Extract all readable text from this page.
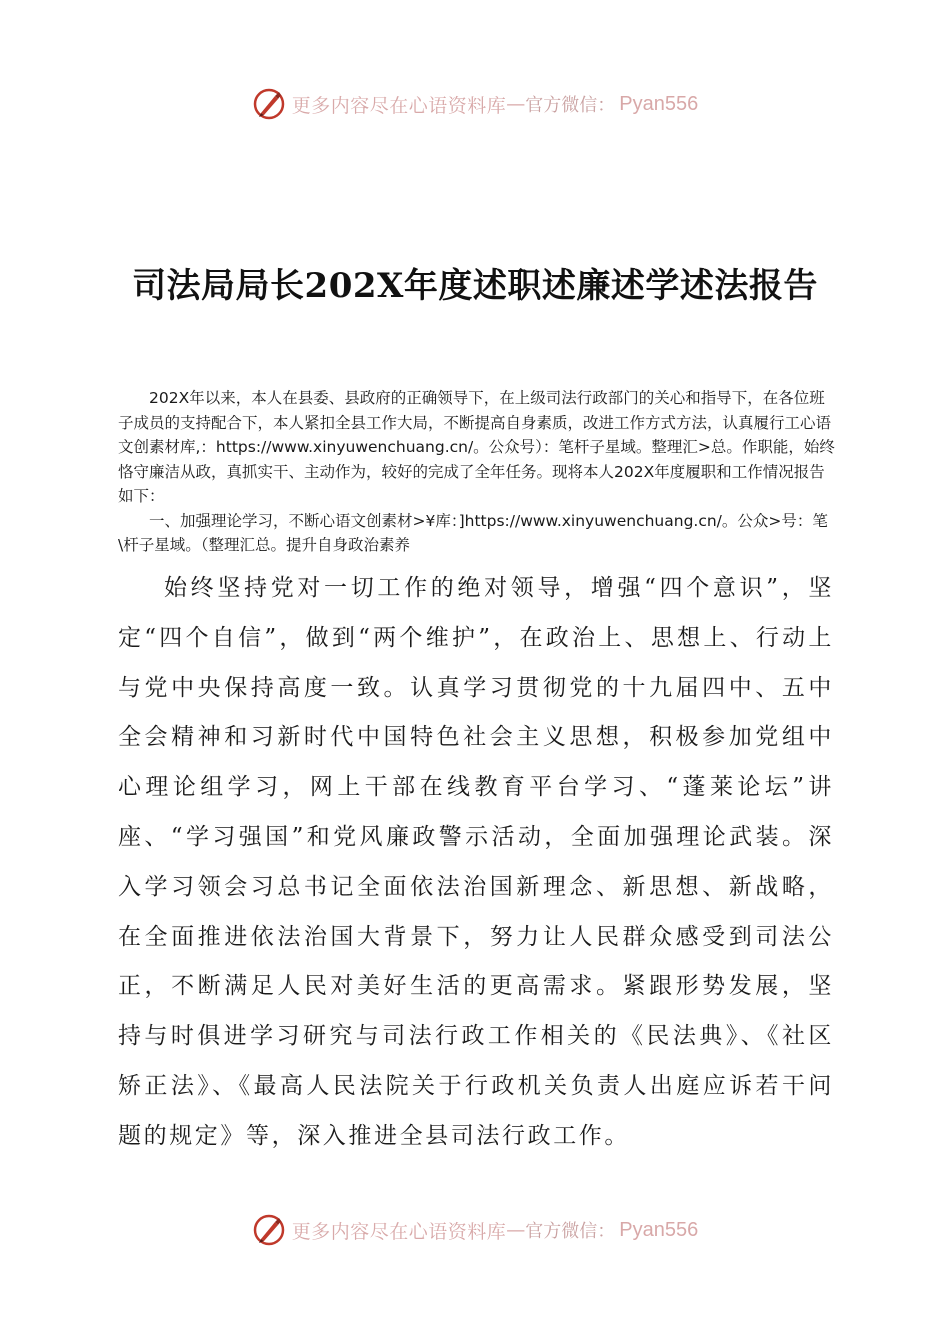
更多内容尽在心语资料库 — 官方微信： Pyan556
司法局局长202X年度述职述廉述学述法报告

202X年以来，本人在县委、县政府的正确领导下，在上级司法行政部门的关心和指导下，在各位班子成员的支持配合下，本人紧扣全县工作大局，不断提高自身素质，改进工作方式方法，认真履行工心语文创素材库,：https://www.xinyuwenchuang.cn/。公众号）：笔杆子星域。整理汇>总。作职能，始终恪守廉洁从政，真抓实干、主动作为，较好的完成了全年任务。现将本人202X年度履职和工作情况报告如下：

一、加强理论学习，不断心语文创素材>¥库：]https://www.xinyuwenchuang.cn/。公众>号：笔\杆子星域。（整理汇总。提升自身政治素养

始终坚持党对一切工作的绝对领导，增强“四个意识”，坚定“四个自信”，做到“两个维护”，在政治上、思想上、行动上与党中央保持高度一致。认真学习贯彻党的十九届四中、五中全会精神和习新时代中国特色社会主义思想，积极参加党组中心理论组学习，网上干部在线教育平台学习、“蓬莱论坛”讲座、“学习强国”和党风廉政警示活动，全面加强理论武装。深入学习领会习总书记全面依法治国新理念、新思想、新战略，在全面推进依法治国大背景下，努力让人民群众感受到司法公正，不断满足人民对美好生活的更高需求。紧跟形势发展，坚持与时俱进学习研究与司法行政工作相关的《民法典》、《社区矫正法》、《最高人民法院关于行政机关负责人出庭应诉若干问题的规定》等，深入推进全县司法行政工作。

更多内容尽在心语资料库 — 官方微信： Pyan556
